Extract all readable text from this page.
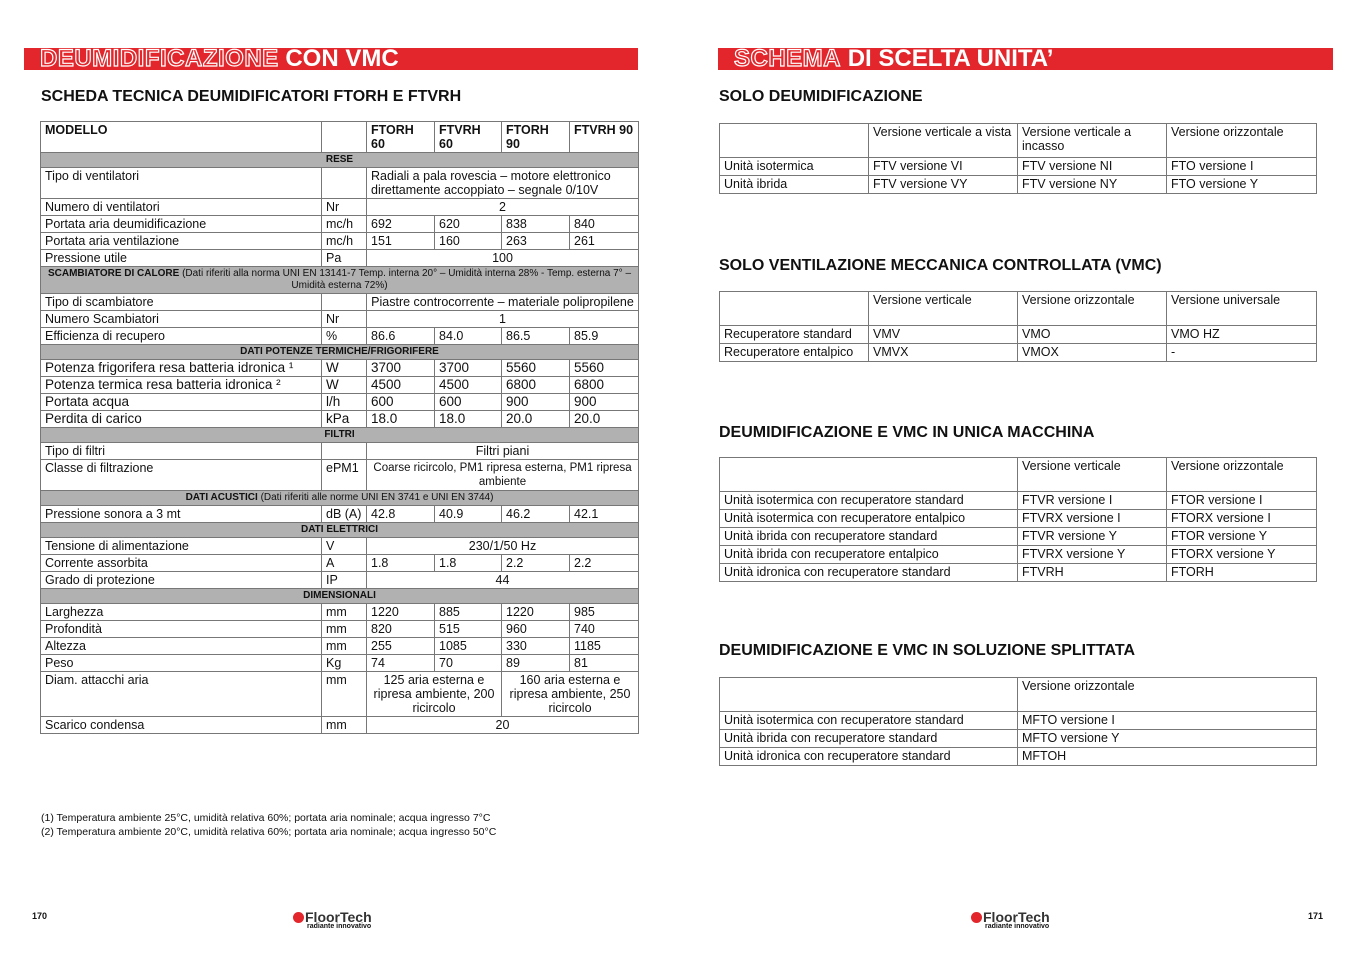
DEUMIDIFICAZIONE CON VMC
SCHEDA TECNICA DEUMIDIFICATORI FTORH E FTVRH
MODELLO		FTORH 60	FTVRH 60	FTORH 90	FTVRH 90
RESE					
Tipo di ventilatori		Radiali a pala rovescia – motore elettronico direttamente accoppiato – segnale 0/10V			
Numero di ventilatori	Nr	2			
Portata aria deumidificazione	mc/h	692	620	838	840
Portata aria ventilazione	mc/h	151	160	263	261
Pressione utile	Pa	100			
SCAMBIATORE DI CALORE (Dati riferiti alla norma UNI EN 13141-7 Temp. interna 20° – Umidità interna 28% - Temp. esterna 7° – Umidità esterna 72%)					
Tipo di scambiatore		Piastre controcorrente – materiale polipropilene			
Numero Scambiatori	Nr	1			
Efficienza di recupero	%	86.6	84.0	86.5	85.9
DATI POTENZE TERMICHE/FRIGORIFERE					
Potenza frigorifera resa batteria idronica ¹	W	3700	3700	5560	5560
Potenza termica resa batteria idronica ²	W	4500	4500	6800	6800
Portata acqua	l/h	600	600	900	900
Perdita di carico	kPa	18.0	18.0	20.0	20.0
FILTRI					
Tipo di filtri		Filtri piani			
Classe di filtrazione	ePM1	Coarse ricircolo, PM1 ripresa esterna, PM1 ripresa ambiente			
DATI ACUSTICI (Dati riferiti alle norme UNI EN 3741 e UNI EN 3744)					
Pressione sonora a 3 mt	dB (A)	42.8	40.9	46.2	42.1
DATI ELETTRICI					
Tensione di alimentazione	V	230/1/50 Hz			
Corrente assorbita	A	1.8	1.8	2.2	2.2
Grado di protezione	IP	44			
DIMENSIONALI					
Larghezza	mm	1220	885	1220	985
Profondità	mm	820	515	960	740
Altezza	mm	255	1085	330	1185
Peso	Kg	74	70	89	81
Diam. attacchi aria	mm	125 aria esterna e ripresa ambiente, 200 ricircolo		160 aria esterna e ripresa ambiente, 250 ricircolo	
Scarico condensa	mm	20			
(1) Temperatura ambiente 25°C, umidità relativa 60%; portata aria nominale; acqua ingresso 7°C
(2) Temperatura ambiente 20°C, umidità relativa 60%; portata aria nominale; acqua ingresso 50°C
170	FloorTech
radiante innovativo
SCHEMA DI SCELTA UNITA’
SOLO DEUMIDIFICAZIONE
	Versione verticale a vista	Versione verticale a incasso	Versione orizzontale
Unità isotermica	FTV versione VI	FTV versione NI	FTO versione I
Unità ibrida	FTV versione VY	FTV versione NY	FTO versione Y
SOLO VENTILAZIONE MECCANICA CONTROLLATA (VMC)
	Versione verticale	Versione orizzontale	Versione universale
Recuperatore standard	VMV	VMO	VMO HZ
Recuperatore entalpico	VMVX	VMOX	-
DEUMIDIFICAZIONE E VMC IN UNICA MACCHINA
	Versione verticale	Versione orizzontale
Unità isotermica con recuperatore standard	FTVR versione I	FTOR versione I
Unità isotermica con recuperatore entalpico	FTVRX versione I	FTORX versione I
Unità ibrida con recuperatore standard	FTVR versione Y	FTOR versione Y
Unità ibrida con recuperatore entalpico	FTVRX versione Y	FTORX versione Y
Unità idronica con recuperatore standard	FTVRH	FTORH
DEUMIDIFICAZIONE E VMC IN SOLUZIONE SPLITTATA
	Versione orizzontale
Unità isotermica con recuperatore standard	MFTO versione I
Unità ibrida con recuperatore standard	MFTO versione Y
Unità idronica con recuperatore standard	MFTOH
FloorTech
radiante innovativo
171
